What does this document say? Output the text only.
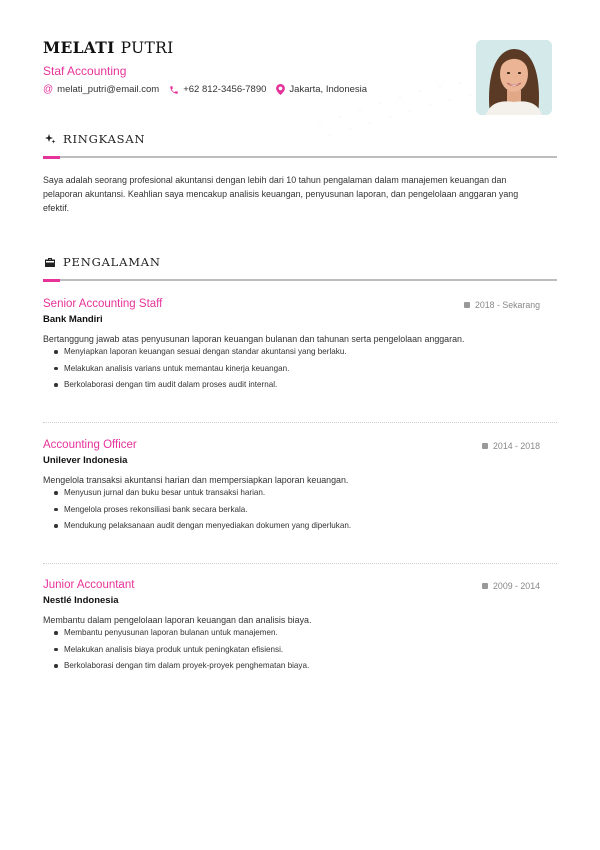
MELATI PUTRI
Staf Accounting
@ melati_putri@email.com	+62 812-3456-7890 Jakarta, Indonesia
RINGKASAN
Saya adalah seorang profesional akuntansi dengan lebih dari 10 tahun pengalaman dalam manajemen keuangan dan pelaporan akuntansi. Keahlian saya mencakup analisis keuangan, penyusunan laporan, dan pengelolaan anggaran yang efektif.
PENGALAMAN
Senior Accounting Staff	2018 - Sekarang
Bank Mandiri
Bertanggung jawab atas penyusunan laporan keuangan bulanan dan tahunan serta pengelolaan anggaran.
Menyiapkan laporan keuangan sesuai dengan standar akuntansi yang berlaku.
Melakukan analisis varians untuk memantau kinerja keuangan.
Berkolaborasi dengan tim audit dalam proses audit internal.
Accounting Officer	2014 - 2018
Unilever Indonesia
Mengelola transaksi akuntansi harian dan mempersiapkan laporan keuangan.
Menyusun jurnal dan buku besar untuk transaksi harian.
Mengelola proses rekonsiliasi bank secara berkala.
Mendukung pelaksanaan audit dengan menyediakan dokumen yang diperlukan.
Junior Accountant	2009 - 2014
Nestlé Indonesia
Membantu dalam pengelolaan laporan keuangan dan analisis biaya.
Membantu penyusunan laporan bulanan untuk manajemen.
Melakukan analisis biaya produk untuk peningkatan efisiensi.
Berkolaborasi dengan tim dalam proyek-proyek penghematan biaya.
